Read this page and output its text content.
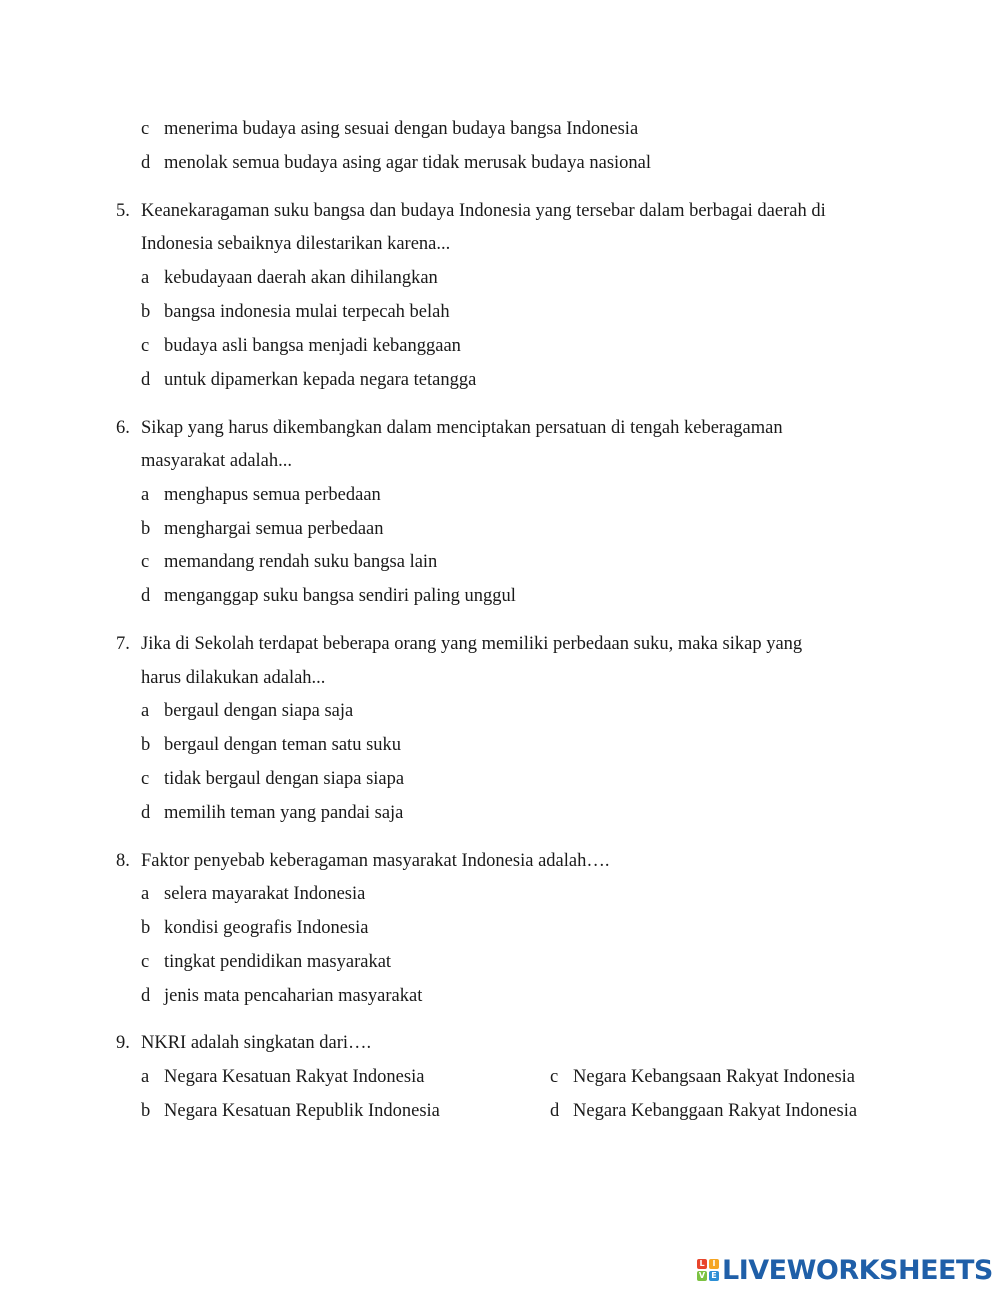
c menerima budaya asing sesuai dengan budaya bangsa Indonesia
d menolak semua budaya asing agar tidak merusak budaya nasional
5. Keanekaragaman suku bangsa dan budaya Indonesia yang tersebar dalam berbagai daerah di
Indonesia sebaiknya dilestarikan karena...
a kebudayaan daerah akan dihilangkan
b bangsa indonesia mulai terpecah belah
c budaya asli bangsa menjadi kebanggaan
d untuk dipamerkan kepada negara tetangga
6. Sikap yang harus dikembangkan dalam menciptakan persatuan di tengah keberagaman
masyarakat adalah...
a menghapus semua perbedaan
b menghargai semua perbedaan
c memandang rendah suku bangsa lain
d menganggap suku bangsa sendiri paling unggul
7. Jika di Sekolah terdapat beberapa orang yang memiliki perbedaan suku, maka sikap yang
harus dilakukan adalah...
a bergaul dengan siapa saja
b bergaul dengan teman satu suku
c tidak bergaul dengan siapa siapa
d memilih teman yang pandai saja
8. Faktor penyebab keberagaman masyarakat Indonesia adalah….
a selera mayarakat Indonesia
b kondisi geografis Indonesia
c tingkat pendidikan masyarakat
d jenis mata pencaharian masyarakat
9. NKRI adalah singkatan dari….
a Negara Kesatuan Rakyat Indonesia
b Negara Kesatuan Republik Indonesia
c Negara Kebangsaan Rakyat Indonesia
d Negara Kebanggaan Rakyat Indonesia
L I
V E LIVEWORKSHEETS
